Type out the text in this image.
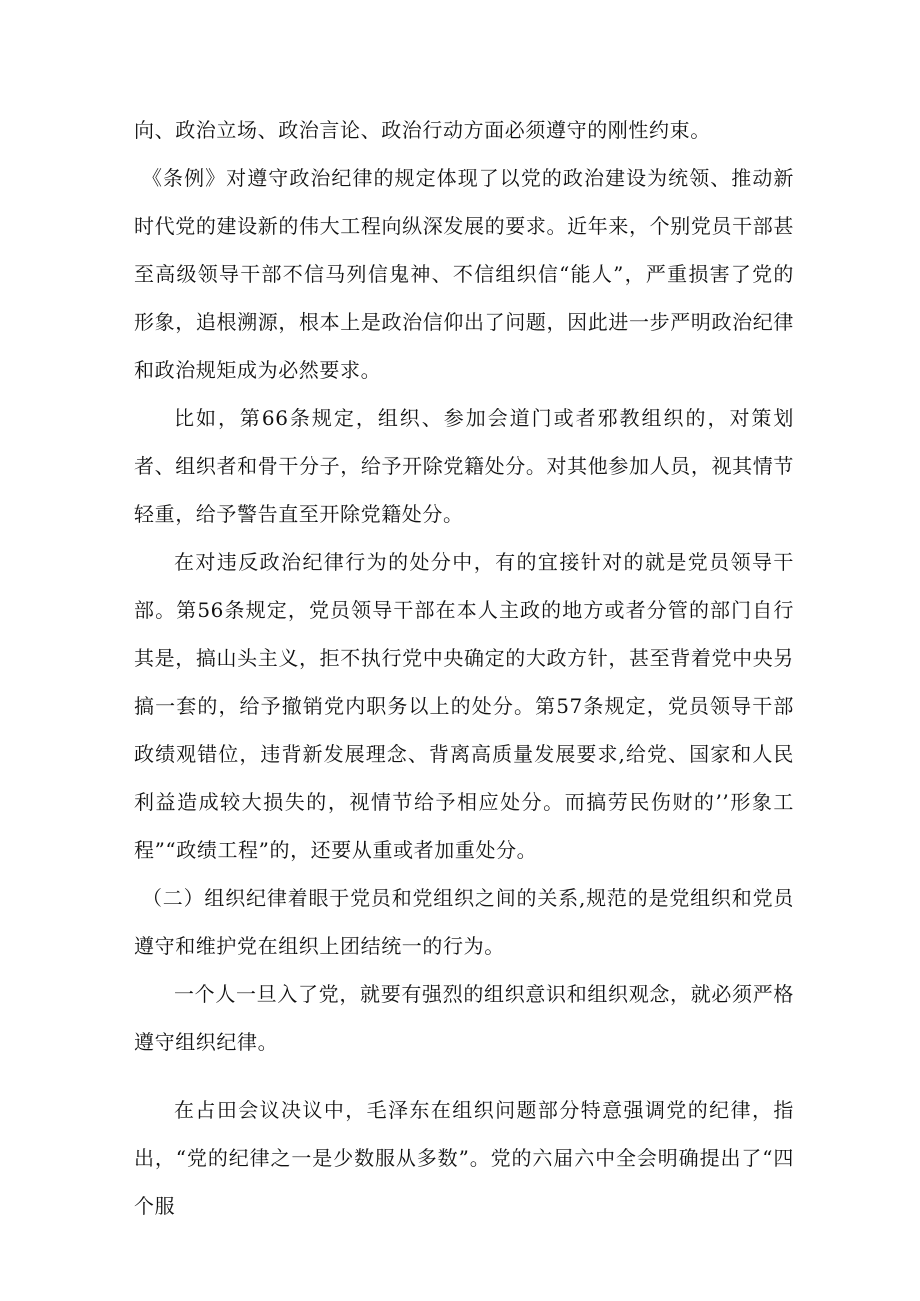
向、政治立场、政治言论、政治行动方面必须遵守的刚性约束。

《条例》对遵守政治纪律的规定体现了以党的政治建设为统领、推动新时代党的建设新的伟大工程向纵深发展的要求。近年来，个别党员干部甚至高级领导干部不信马列信鬼神、不信组织信“能人”，严重损害了党的形象，追根溯源，根本上是政治信仰出了问题，因此进一步严明政治纪律和政治规矩成为必然要求。

比如，第66条规定，组织、参加会道门或者邪教组织的，对策划者、组织者和骨干分子，给予开除党籍处分。对其他参加人员，视其情节轻重，给予警告直至开除党籍处分。

在对违反政治纪律行为的处分中，有的宜接针对的就是党员领导干部。第56条规定，党员领导干部在本人主政的地方或者分管的部门自行其是，搞山头主义，拒不执行党中央确定的大政方针，甚至背着党中央另搞一套的，给予撤销党内职务以上的处分。第57条规定，党员领导干部政绩观错位，违背新发展理念、背离高质量发展要求,给党、国家和人民利益造成较大损失的，视情节给予相应处分。而搞劳民伤财的’’形象工程”“政绩工程”的，还要从重或者加重处分。

（二）组织纪律着眼于党员和党组织之间的关系,规范的是党组织和党员遵守和维护党在组织上团结统一的行为。

一个人一旦入了党，就要有强烈的组织意识和组织观念，就必须严格遵守组织纪律。

在占田会议决议中，毛泽东在组织问题部分特意强调党的纪律，指出，“党的纪律之一是少数服从多数”。党的六届六中全会明确提出了“四个服
